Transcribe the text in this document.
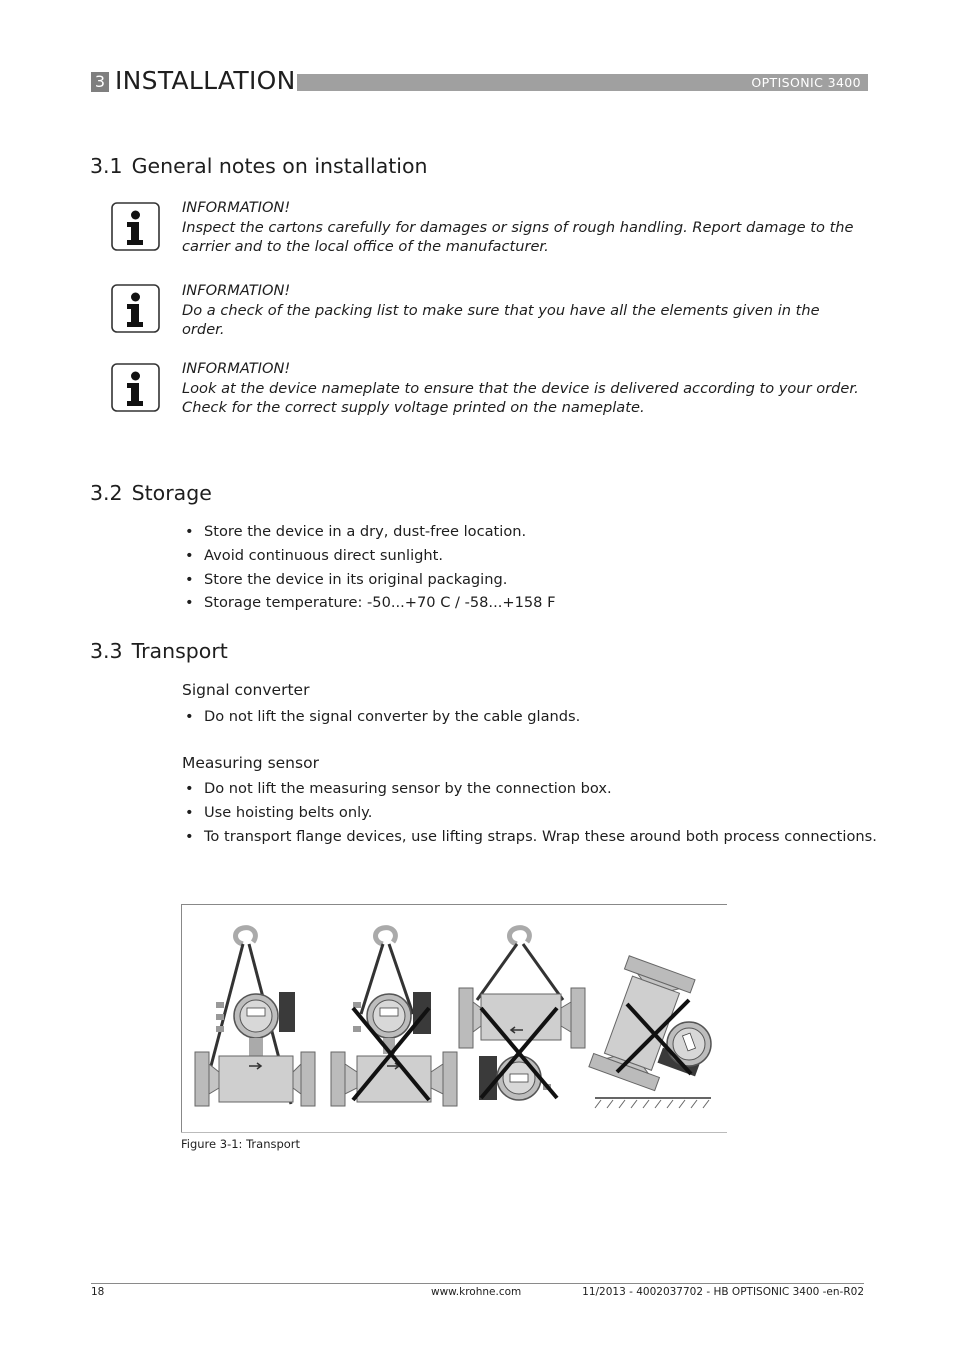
3 INSTALLATION	OPTISONIC 3400
3.1 General notes on installation
INFORMATION!
Inspect the cartons carefully for damages or signs of rough handling. Report damage to the
carrier and to the local office of the manufacturer.
INFORMATION!
Do a check of the packing list to make sure that you have all the elements given in the order.
INFORMATION!
Look at the device nameplate to ensure that the device is delivered according to your order.
Check for the correct supply voltage printed on the nameplate.
3.2 Storage
• Store the device in a dry, dust-free location.
• Avoid continuous direct sunlight.
• Store the device in its original packaging.
• Storage temperature: -50...+70 C / -58...+158 F
3.3 Transport
Signal converter
• Do not lift the signal converter by the cable glands.
Measuring sensor
• Do not lift the measuring sensor by the connection box.
• Use hoisting belts only.
• To transport flange devices, use lifting straps. Wrap these around both process connections.
Figure 3-1: Transport
18	www.krohne.com	11/2013 - 4002037702 - HB OPTISONIC 3400 -en-R02
